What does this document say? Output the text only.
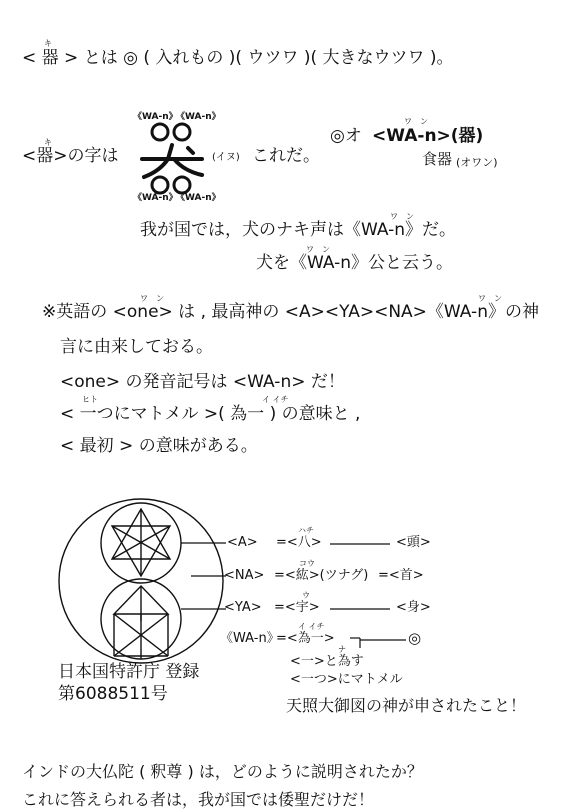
キ
< 器 > とは ◎ ( 入れもの )( ウツワ )( 大きなウツワ )。
キ
<器>の字は
《WA-n》
《WA-n》
《WA-n》
《WA-n》
(イヌ) これだ。
◎オ
ワ　ン
<WA-n>(器)
食器 (オワン)
ワ　ン
我が国では，犬のナキ声は《WA-n》だ。
ワ　ン
犬を《WA-n》公と云う。
ワ　ン	ワ　ン
※英語の <one> は , 最高神の <A><YA><NA>《WA-n》の神
言に由来しておる。
<one> の発音記号は <WA-n> だ！
ヒト	イ イチ
< 一つにマトメル >( 為一 ) の意味と ,
< 最初 > の意味がある。
<A>
ハチ
=<八>	<頭>
<NA>
コウ
=<紘>(ツナグ) =<首>
<YA>
ウ
=<宇>	<身>
《WA-n》
イ イチ
=<為一>	◎
ナ
<一>と為す
<一つ>にマトメル
日本国特許庁 登録
第6088511号
天照大御図の神が申されたこと！
インドの大仏陀 ( 釈尊 ) は，どのように説明されたか？
これに答えられる者は，我が国では倭聖だけだ！
